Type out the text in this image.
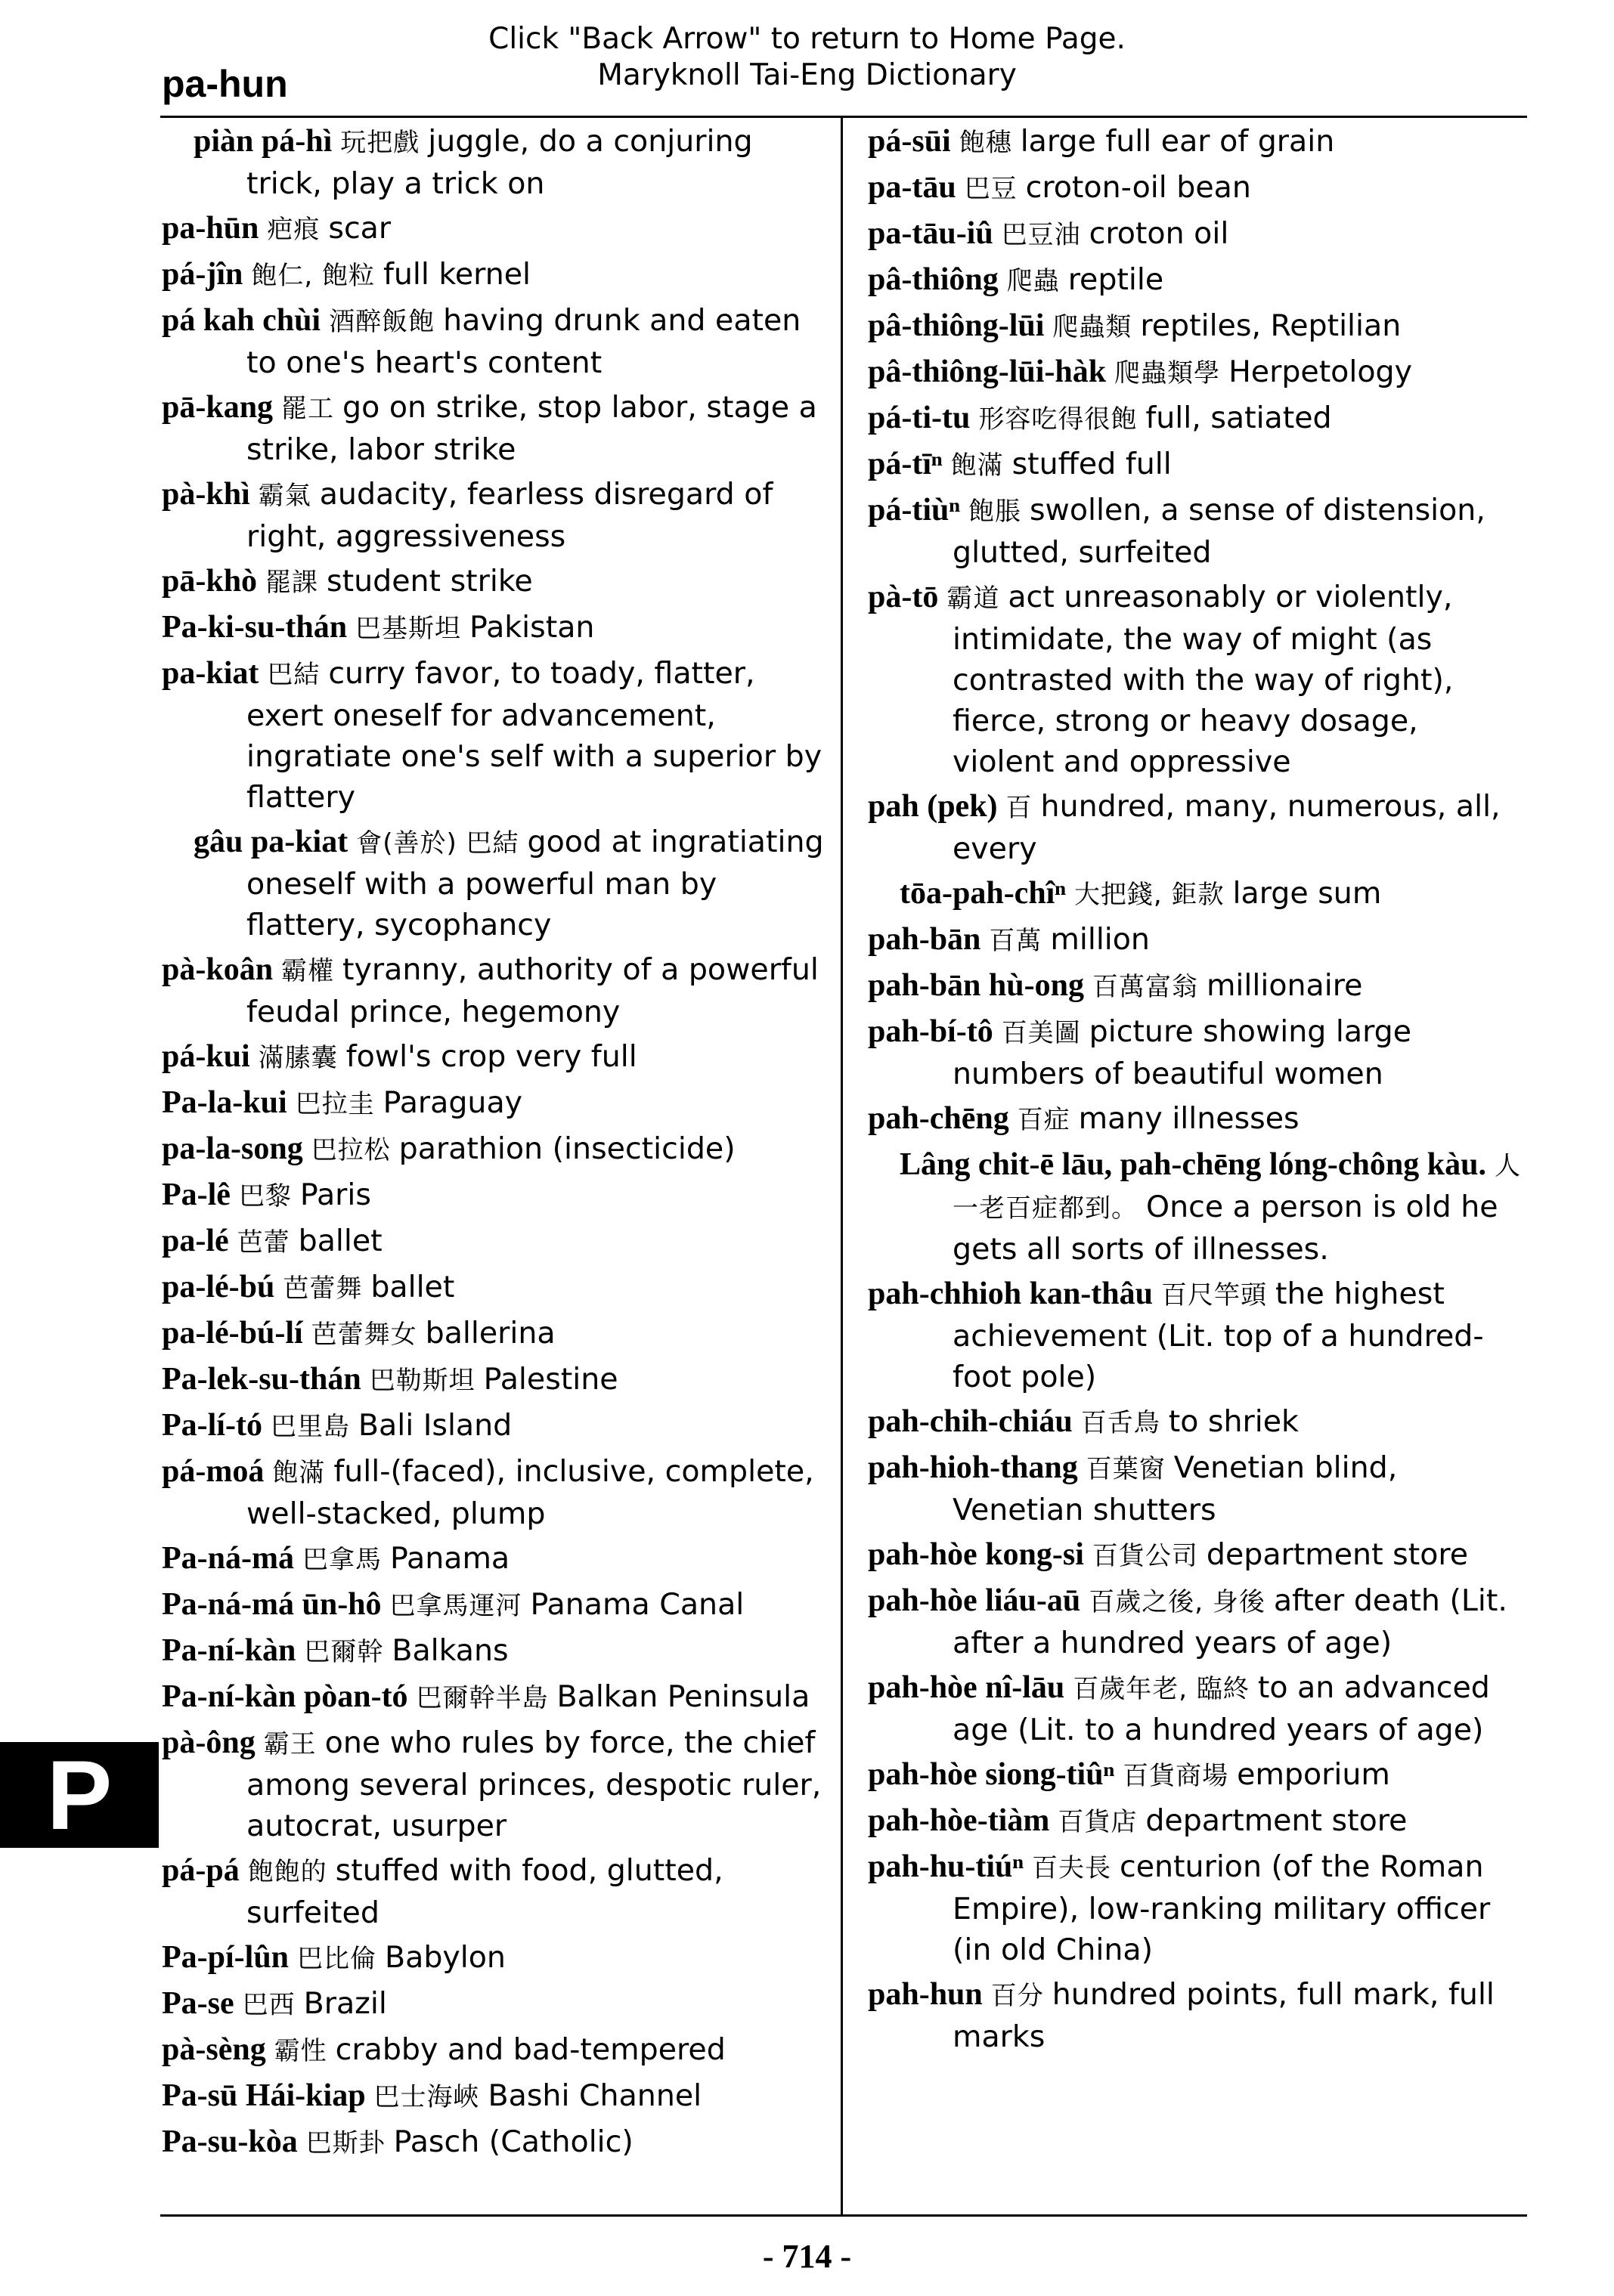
Click "Back Arrow" to return to Home Page.
Maryknoll Tai-Eng Dictionary
pa-hun
piàn pá-hì 玩把戲 juggle, do a conjuring trick, play a trick on
pa-hūn 疤痕 scar
pá-jîn 飽仁, 飽粒 full kernel
pá kah chùi 酒醉飯飽 having drunk and eaten to one's heart's content
pā-kang 罷工 go on strike, stop labor, stage a strike, labor strike
pà-khì 霸氣 audacity, fearless disregard of right, aggressiveness
pā-khò 罷課 student strike
Pa-ki-su-thán 巴基斯坦 Pakistan
pa-kiat 巴結 curry favor, to toady, flatter, exert oneself for advancement, ingratiate one's self with a superior by flattery
gâu pa-kiat 會(善於) 巴結 good at ingratiating oneself with a powerful man by flattery, sycophancy
pà-koân 霸權 tyranny, authority of a powerful feudal prince, hegemony
pá-kui 滿膆囊 fowl's crop very full
Pa-la-kui 巴拉圭 Paraguay
pa-la-song 巴拉松 parathion (insecticide)
Pa-lê 巴黎 Paris
pa-lé 芭蕾 ballet
pa-lé-bú 芭蕾舞 ballet
pa-lé-bú-lí 芭蕾舞女 ballerina
Pa-lek-su-thán 巴勒斯坦 Palestine
Pa-lí-tó 巴里島 Bali Island
pá-moá 飽滿 full-(faced), inclusive, complete, well-stacked, plump
Pa-ná-má 巴拿馬 Panama
Pa-ná-má ūn-hô 巴拿馬運河 Panama Canal
Pa-ní-kàn 巴爾幹 Balkans
Pa-ní-kàn pòan-tó 巴爾幹半島 Balkan Peninsula
pà-ông 霸王 one who rules by force, the chief among several princes, despotic ruler, autocrat, usurper
pá-pá 飽飽的 stuffed with food, glutted, surfeited
Pa-pí-lûn 巴比倫 Babylon
Pa-se 巴西 Brazil
pà-sèng 霸性 crabby and bad-tempered
Pa-sū Hái-kiap 巴士海峽 Bashi Channel
Pa-su-kòa 巴斯卦 Pasch (Catholic)
pá-sūi 飽穗 large full ear of grain
pa-tāu 巴豆 croton-oil bean
pa-tāu-iû 巴豆油 croton oil
pâ-thiông 爬蟲 reptile
pâ-thiông-lūi 爬蟲類 reptiles, Reptilian
pâ-thiông-lūi-hàk 爬蟲類學 Herpetology
pá-ti-tu 形容吃得很飽 full, satiated
pá-tīⁿ 飽滿 stuffed full
pá-tiùⁿ 飽脹 swollen, a sense of distension, glutted, surfeited
pà-tō 霸道 act unreasonably or violently, intimidate, the way of might (as contrasted with the way of right), fierce, strong or heavy dosage, violent and oppressive
pah (pek) 百 hundred, many, numerous, all, every
tōa-pah-chîⁿ 大把錢, 鉅款 large sum
pah-bān 百萬 million
pah-bān hù-ong 百萬富翁 millionaire
pah-bí-tô 百美圖 picture showing large numbers of beautiful women
pah-chēng 百症 many illnesses
Lâng chit-ē lāu, pah-chēng lóng-chông kàu. 人一老百症都到。 Once a person is old he gets all sorts of illnesses.
pah-chhioh kan-thâu 百尺竿頭 the highest achievement (Lit. top of a hundred-foot pole)
pah-chih-chiáu 百舌鳥 to shriek
pah-hioh-thang 百葉窗 Venetian blind, Venetian shutters
pah-hòe kong-si 百貨公司 department store
pah-hòe liáu-aū 百歲之後, 身後 after death (Lit. after a hundred years of age)
pah-hòe nî-lāu 百歲年老, 臨終 to an advanced age (Lit. to a hundred years of age)
pah-hòe siong-tiûⁿ 百貨商場 emporium
pah-hòe-tiàm 百貨店 department store
pah-hu-tiúⁿ 百夫長 centurion (of the Roman Empire), low-ranking military officer (in old China)
pah-hun 百分 hundred points, full mark, full marks
P
- 714 -
